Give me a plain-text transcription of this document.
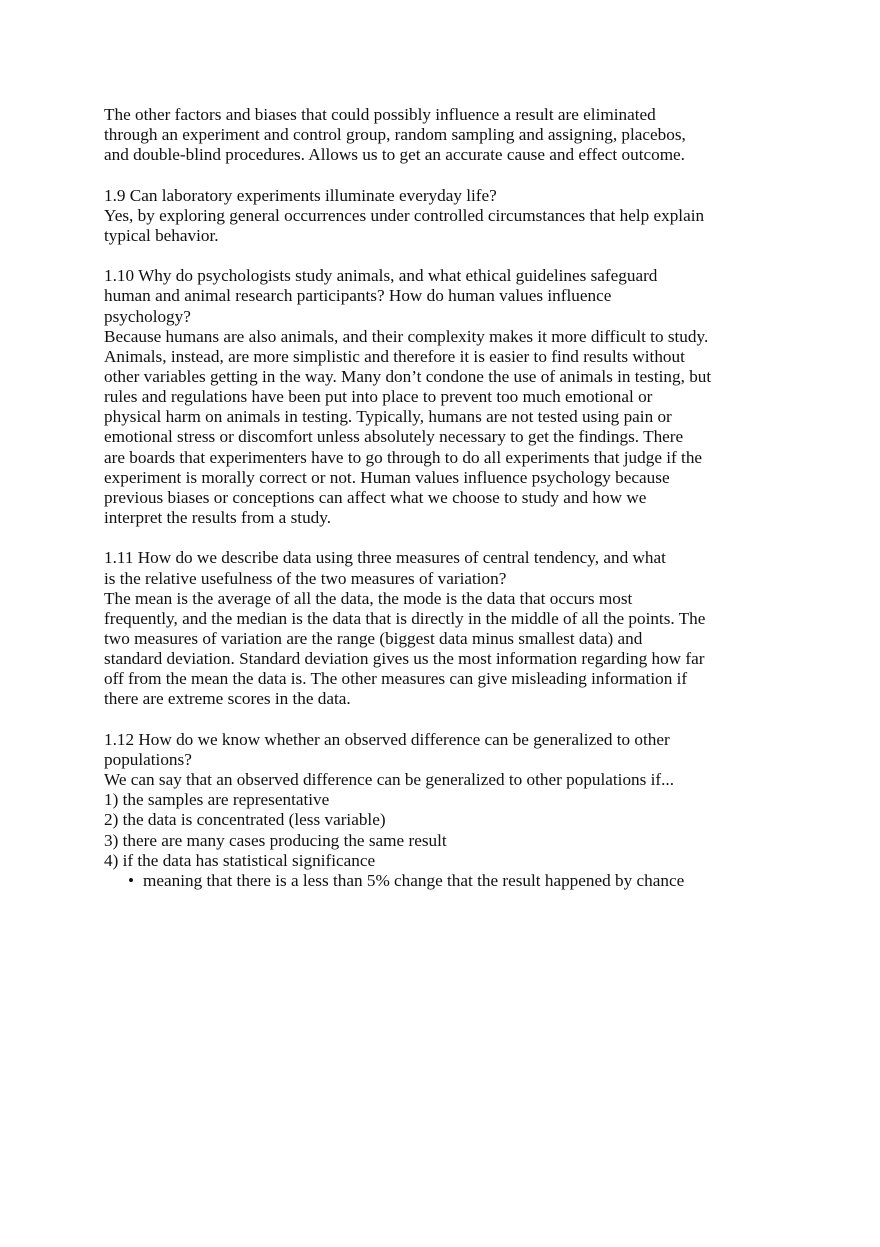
The other factors and biases that could possibly influence a result are eliminated
through an experiment and control group, random sampling and assigning, placebos,
and double-blind procedures. Allows us to get an accurate cause and effect outcome.
1.9 Can laboratory experiments illuminate everyday life?
Yes, by exploring general occurrences under controlled circumstances that help explain
typical behavior.
1.10 Why do psychologists study animals, and what ethical guidelines safeguard
human and animal research participants? How do human values influence
psychology?
Because humans are also animals, and their complexity makes it more difficult to study.
Animals, instead, are more simplistic and therefore it is easier to find results without
other variables getting in the way. Many don’t condone the use of animals in testing, but
rules and regulations have been put into place to prevent too much emotional or
physical harm on animals in testing. Typically, humans are not tested using pain or
emotional stress or discomfort unless absolutely necessary to get the findings. There
are boards that experimenters have to go through to do all experiments that judge if the
experiment is morally correct or not. Human values influence psychology because
previous biases or conceptions can affect what we choose to study and how we
interpret the results from a study.
1.11 How do we describe data using three measures of central tendency, and what
is the relative usefulness of the two measures of variation?
The mean is the average of all the data, the mode is the data that occurs most
frequently, and the median is the data that is directly in the middle of all the points. The
two measures of variation are the range (biggest data minus smallest data) and
standard deviation. Standard deviation gives us the most information regarding how far
off from the mean the data is. The other measures can give misleading information if
there are extreme scores in the data.
1.12 How do we know whether an observed difference can be generalized to other
populations?
We can say that an observed difference can be generalized to other populations if...
1) the samples are representative
2) the data is concentrated (less variable)
3) there are many cases producing the same result
4) if the data has statistical significance
• meaning that there is a less than 5% change that the result happened by chance
